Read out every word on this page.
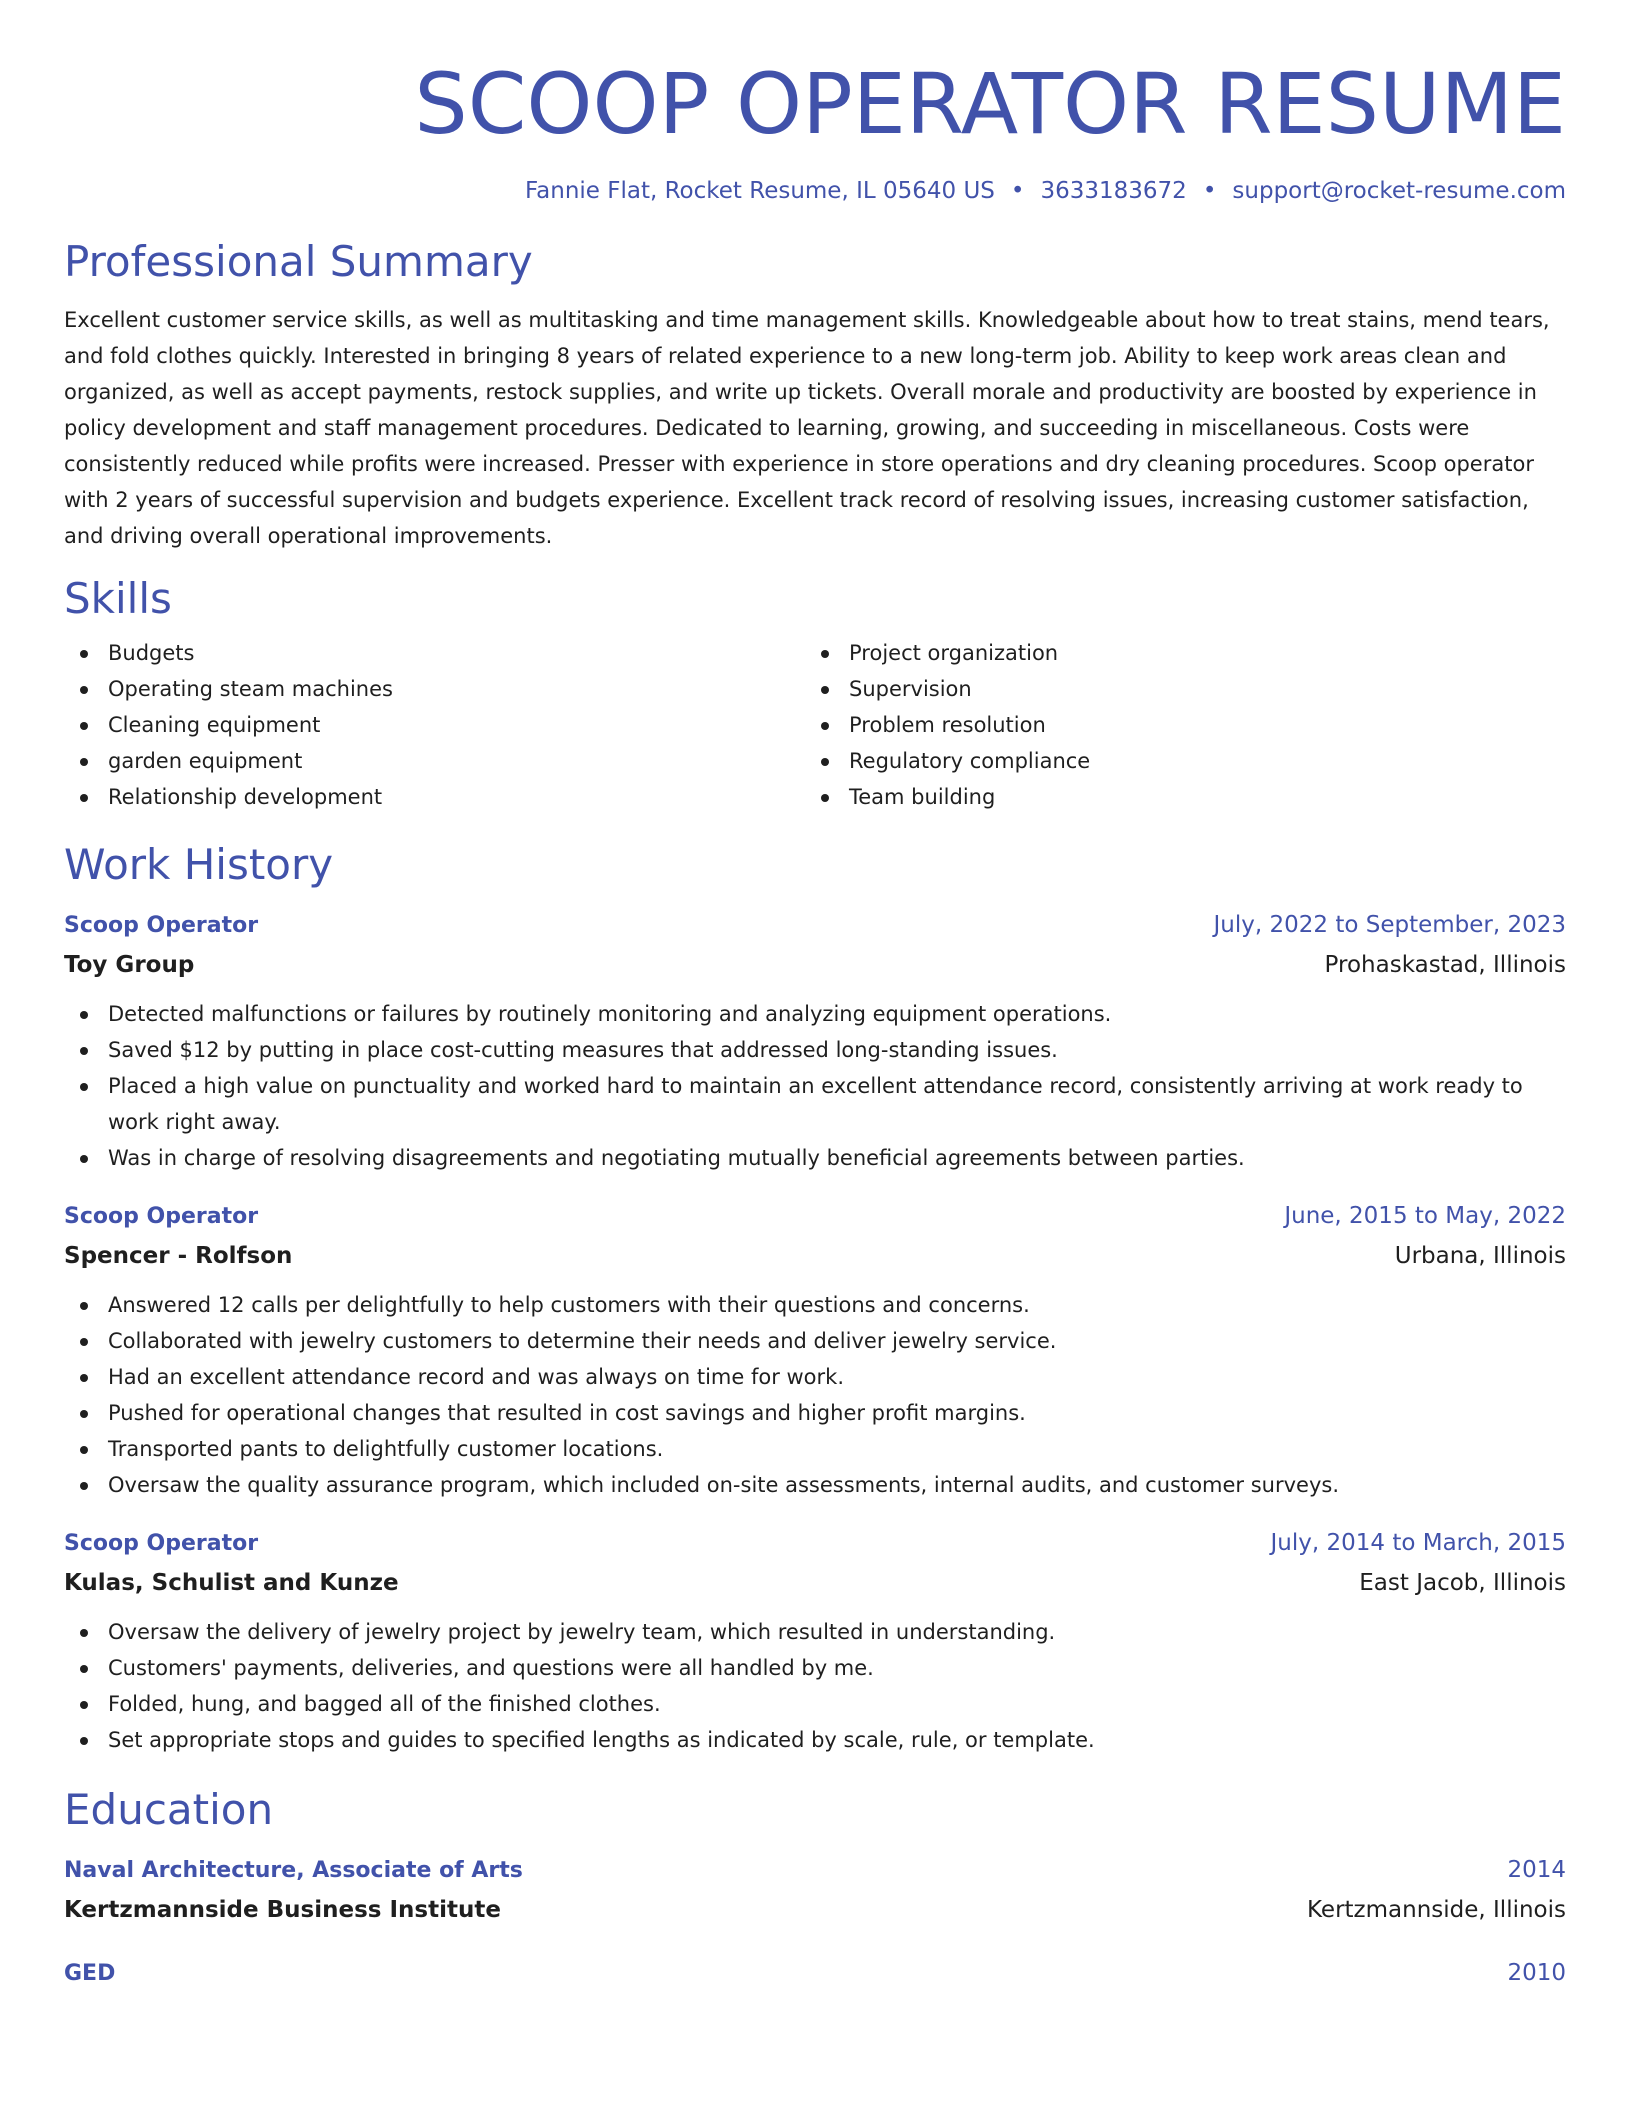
SCOOP OPERATOR RESUME
Fannie Flat, Rocket Resume, IL 05640 US • 3633183672 • support@rocket-resume.com
Professional Summary

Excellent customer service skills, as well as multitasking and time management skills. Knowledgeable about how to treat stains, mend tears, and fold clothes quickly. Interested in bringing 8 years of related experience to a new long-term job. Ability to keep work areas clean and organized, as well as accept payments, restock supplies, and write up tickets. Overall morale and productivity are boosted by experience in policy development and staff management procedures. Dedicated to learning, growing, and succeeding in miscellaneous. Costs were consistently reduced while profits were increased. Presser with experience in store operations and dry cleaning procedures. Scoop operator with 2 years of successful supervision and budgets experience. Excellent track record of resolving issues, increasing customer satisfaction, and driving overall operational improvements.

Skills
Budgets
Operating steam machines
Cleaning equipment
garden equipment
Relationship development
Project organization
Supervision
Problem resolution
Regulatory compliance
Team building
Work History
Scoop Operator	July, 2022 to September, 2023
Toy Group	Prohaskastad, Illinois
Detected malfunctions or failures by routinely monitoring and analyzing equipment operations.
Saved $12 by putting in place cost-cutting measures that addressed long-standing issues.
Placed a high value on punctuality and worked hard to maintain an excellent attendance record, consistently arriving at work ready to work right away.
Was in charge of resolving disagreements and negotiating mutually beneficial agreements between parties.
Scoop Operator	June, 2015 to May, 2022
Spencer - Rolfson	Urbana, Illinois
Answered 12 calls per delightfully to help customers with their questions and concerns.
Collaborated with jewelry customers to determine their needs and deliver jewelry service.
Had an excellent attendance record and was always on time for work.
Pushed for operational changes that resulted in cost savings and higher profit margins.
Transported pants to delightfully customer locations.
Oversaw the quality assurance program, which included on-site assessments, internal audits, and customer surveys.
Scoop Operator	July, 2014 to March, 2015
Kulas, Schulist and Kunze	East Jacob, Illinois
Oversaw the delivery of jewelry project by jewelry team, which resulted in understanding.
Customers' payments, deliveries, and questions were all handled by me.
Folded, hung, and bagged all of the finished clothes.
Set appropriate stops and guides to specified lengths as indicated by scale, rule, or template.
Education
Naval Architecture, Associate of Arts	2014
Kertzmannside Business Institute	Kertzmannside, Illinois
GED	2010
